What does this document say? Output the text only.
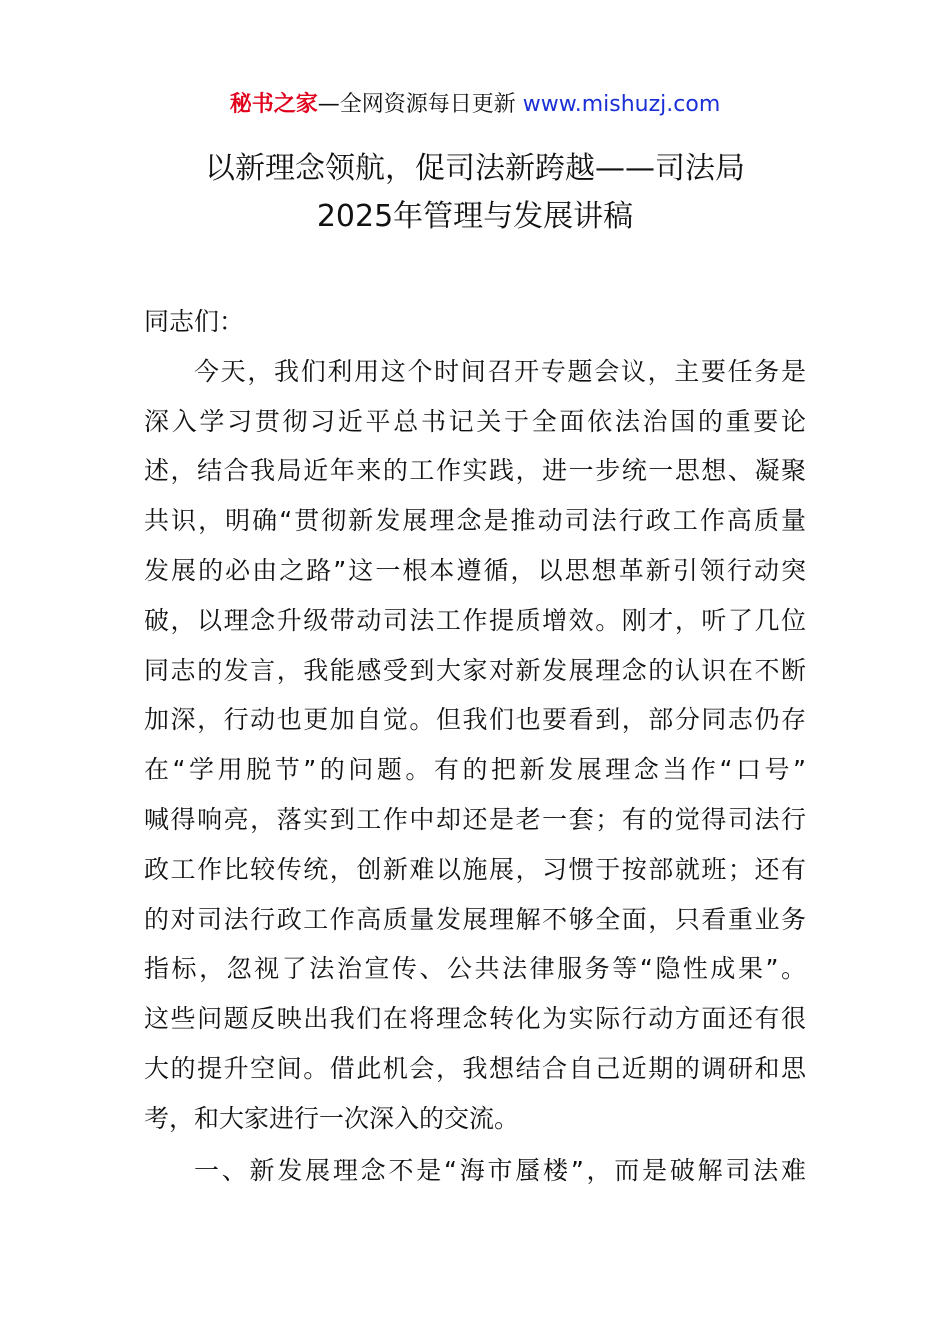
秘书之家—全网资源每日更新 www.mishuzj.com
以新理念领航，促司法新跨越——司法局
2025年管理与发展讲稿
同志们：
今天，我们利用这个时间召开专题会议，主要任务是
深入学习贯彻习近平总书记关于全面依法治国的重要论
述，结合我局近年来的工作实践，进一步统一思想、凝聚
共识，明确“贯彻新发展理念是推动司法行政工作高质量
发展的必由之路”这一根本遵循，以思想革新引领行动突
破，以理念升级带动司法工作提质增效。刚才，听了几位
同志的发言，我能感受到大家对新发展理念的认识在不断
加深，行动也更加自觉。但我们也要看到，部分同志仍存
在“学用脱节”的问题。有的把新发展理念当作“口号”
喊得响亮，落实到工作中却还是老一套；有的觉得司法行
政工作比较传统，创新难以施展，习惯于按部就班；还有
的对司法行政工作高质量发展理解不够全面，只看重业务
指标，忽视了法治宣传、公共法律服务等“隐性成果”。
这些问题反映出我们在将理念转化为实际行动方面还有很
大的提升空间。借此机会，我想结合自己近期的调研和思
考，和大家进行一次深入的交流。
一、新发展理念不是“海市蜃楼”，而是破解司法难
